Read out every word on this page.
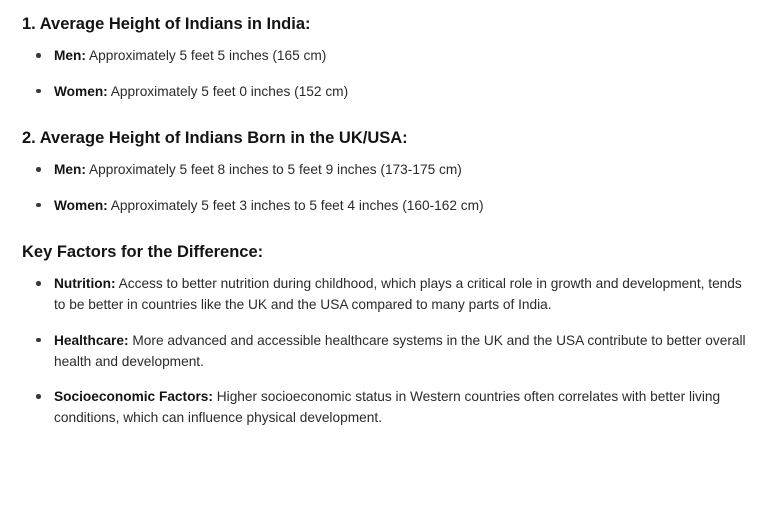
1. Average Height of Indians in India:
Men: Approximately 5 feet 5 inches (165 cm)
Women: Approximately 5 feet 0 inches (152 cm)
2. Average Height of Indians Born in the UK/USA:
Men: Approximately 5 feet 8 inches to 5 feet 9 inches (173-175 cm)
Women: Approximately 5 feet 3 inches to 5 feet 4 inches (160-162 cm)
Key Factors for the Difference:
Nutrition: Access to better nutrition during childhood, which plays a critical role in growth and development, tends to be better in countries like the UK and the USA compared to many parts of India.
Healthcare: More advanced and accessible healthcare systems in the UK and the USA contribute to better overall health and development.
Socioeconomic Factors: Higher socioeconomic status in Western countries often correlates with better living conditions, which can influence physical development.
